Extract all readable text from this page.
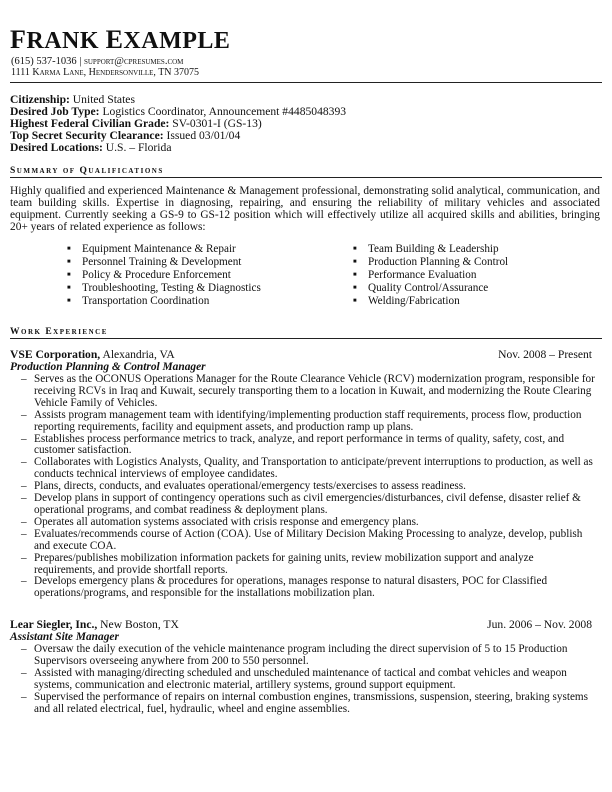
FRANK EXAMPLE
(615) 537-1036 | support@cpresumes.com
1111 Karma Lane, Hendersonville, TN 37075
Citizenship: United States
Desired Job Type: Logistics Coordinator, Announcement #4485048393
Highest Federal Civilian Grade: SV-0301-I (GS-13)
Top Secret Security Clearance: Issued 03/01/04
Desired Locations: U.S. – Florida
Summary of Qualifications
Highly qualified and experienced Maintenance & Management professional, demonstrating solid analytical, communication, and team building skills. Expertise in diagnosing, repairing, and ensuring the reliability of military vehicles and associated equipment. Currently seeking a GS-9 to GS-12 position which will effectively utilize all acquired skills and abilities, bringing 20+ years of related experience as follows:
■ Equipment Maintenance & Repair
■ Personnel Training & Development
■ Policy & Procedure Enforcement
■ Troubleshooting, Testing & Diagnostics
■ Transportation Coordination
■ Team Building & Leadership
■ Production Planning & Control
■ Performance Evaluation
■ Quality Control/Assurance
■ Welding/Fabrication
Work Experience
VSE Corporation, Alexandria, VA	Nov. 2008 – Present
Production Planning & Control Manager
– Serves as the OCONUS Operations Manager for the Route Clearance Vehicle (RCV) modernization program, responsible for receiving RCVs in Iraq and Kuwait, securely transporting them to a location in Kuwait, and modernizing the Route Clearing Vehicle Family of Vehicles.
– Assists program management team with identifying/implementing production staff requirements, process flow, production reporting requirements, facility and equipment assets, and production ramp up plans.
– Establishes process performance metrics to track, analyze, and report performance in terms of quality, safety, cost, and customer satisfaction.
– Collaborates with Logistics Analysts, Quality, and Transportation to anticipate/prevent interruptions to production, as well as conducts technical interviews of employee candidates.
– Plans, directs, conducts, and evaluates operational/emergency tests/exercises to assess readiness.
– Develop plans in support of contingency operations such as civil emergencies/disturbances, civil defense, disaster relief & operational programs, and combat readiness & deployment plans.
– Operates all automation systems associated with crisis response and emergency plans.
– Evaluates/recommends course of Action (COA). Use of Military Decision Making Processing to analyze, develop, publish and execute COA.
– Prepares/publishes mobilization information packets for gaining units, review mobilization support and analyze requirements, and provide shortfall reports.
– Develops emergency plans & procedures for operations, manages response to natural disasters, POC for Classified operations/programs, and responsible for the installations mobilization plan.
Lear Siegler, Inc., New Boston, TX	Jun. 2006 – Nov. 2008
Assistant Site Manager
– Oversaw the daily execution of the vehicle maintenance program including the direct supervision of 5 to 15 Production Supervisors overseeing anywhere from 200 to 550 personnel.
– Assisted with managing/directing scheduled and unscheduled maintenance of tactical and combat vehicles and weapon systems, communication and electronic material, artillery systems, ground support equipment.
– Supervised the performance of repairs on internal combustion engines, transmissions, suspension, steering, braking systems and all related electrical, fuel, hydraulic, wheel and engine assemblies.
